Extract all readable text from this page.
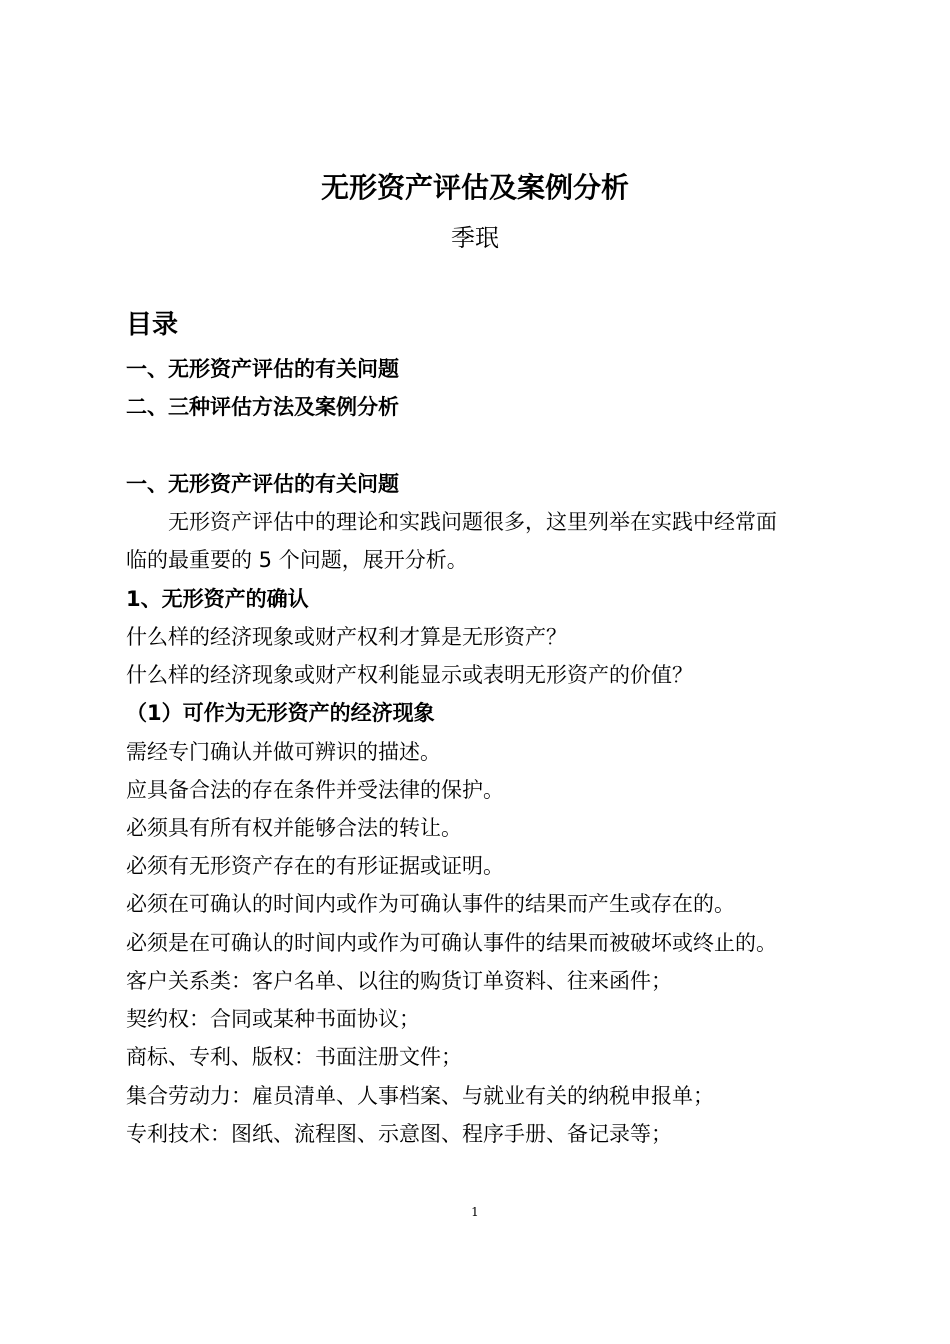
无形资产评估及案例分析
季珉
目录
一、无形资产评估的有关问题
二、三种评估方法及案例分析
一、无形资产评估的有关问题
无形资产评估中的理论和实践问题很多，这里列举在实践中经常面
临的最重要的 5 个问题，展开分析。
1、无形资产的确认
什么样的经济现象或财产权利才算是无形资产？
什么样的经济现象或财产权利能显示或表明无形资产的价值？
（1）可作为无形资产的经济现象
需经专门确认并做可辨识的描述。
应具备合法的存在条件并受法律的保护。
必须具有所有权并能够合法的转让。
必须有无形资产存在的有形证据或证明。
必须在可确认的时间内或作为可确认事件的结果而产生或存在的。
必须是在可确认的时间内或作为可确认事件的结果而被破坏或终止的。
客户关系类：客户名单、以往的购货订单资料、往来函件；
契约权：合同或某种书面协议；
商标、专利、版权：书面注册文件；
集合劳动力：雇员清单、人事档案、与就业有关的纳税申报单；
专利技术：图纸、流程图、示意图、程序手册、备记录等；
1
